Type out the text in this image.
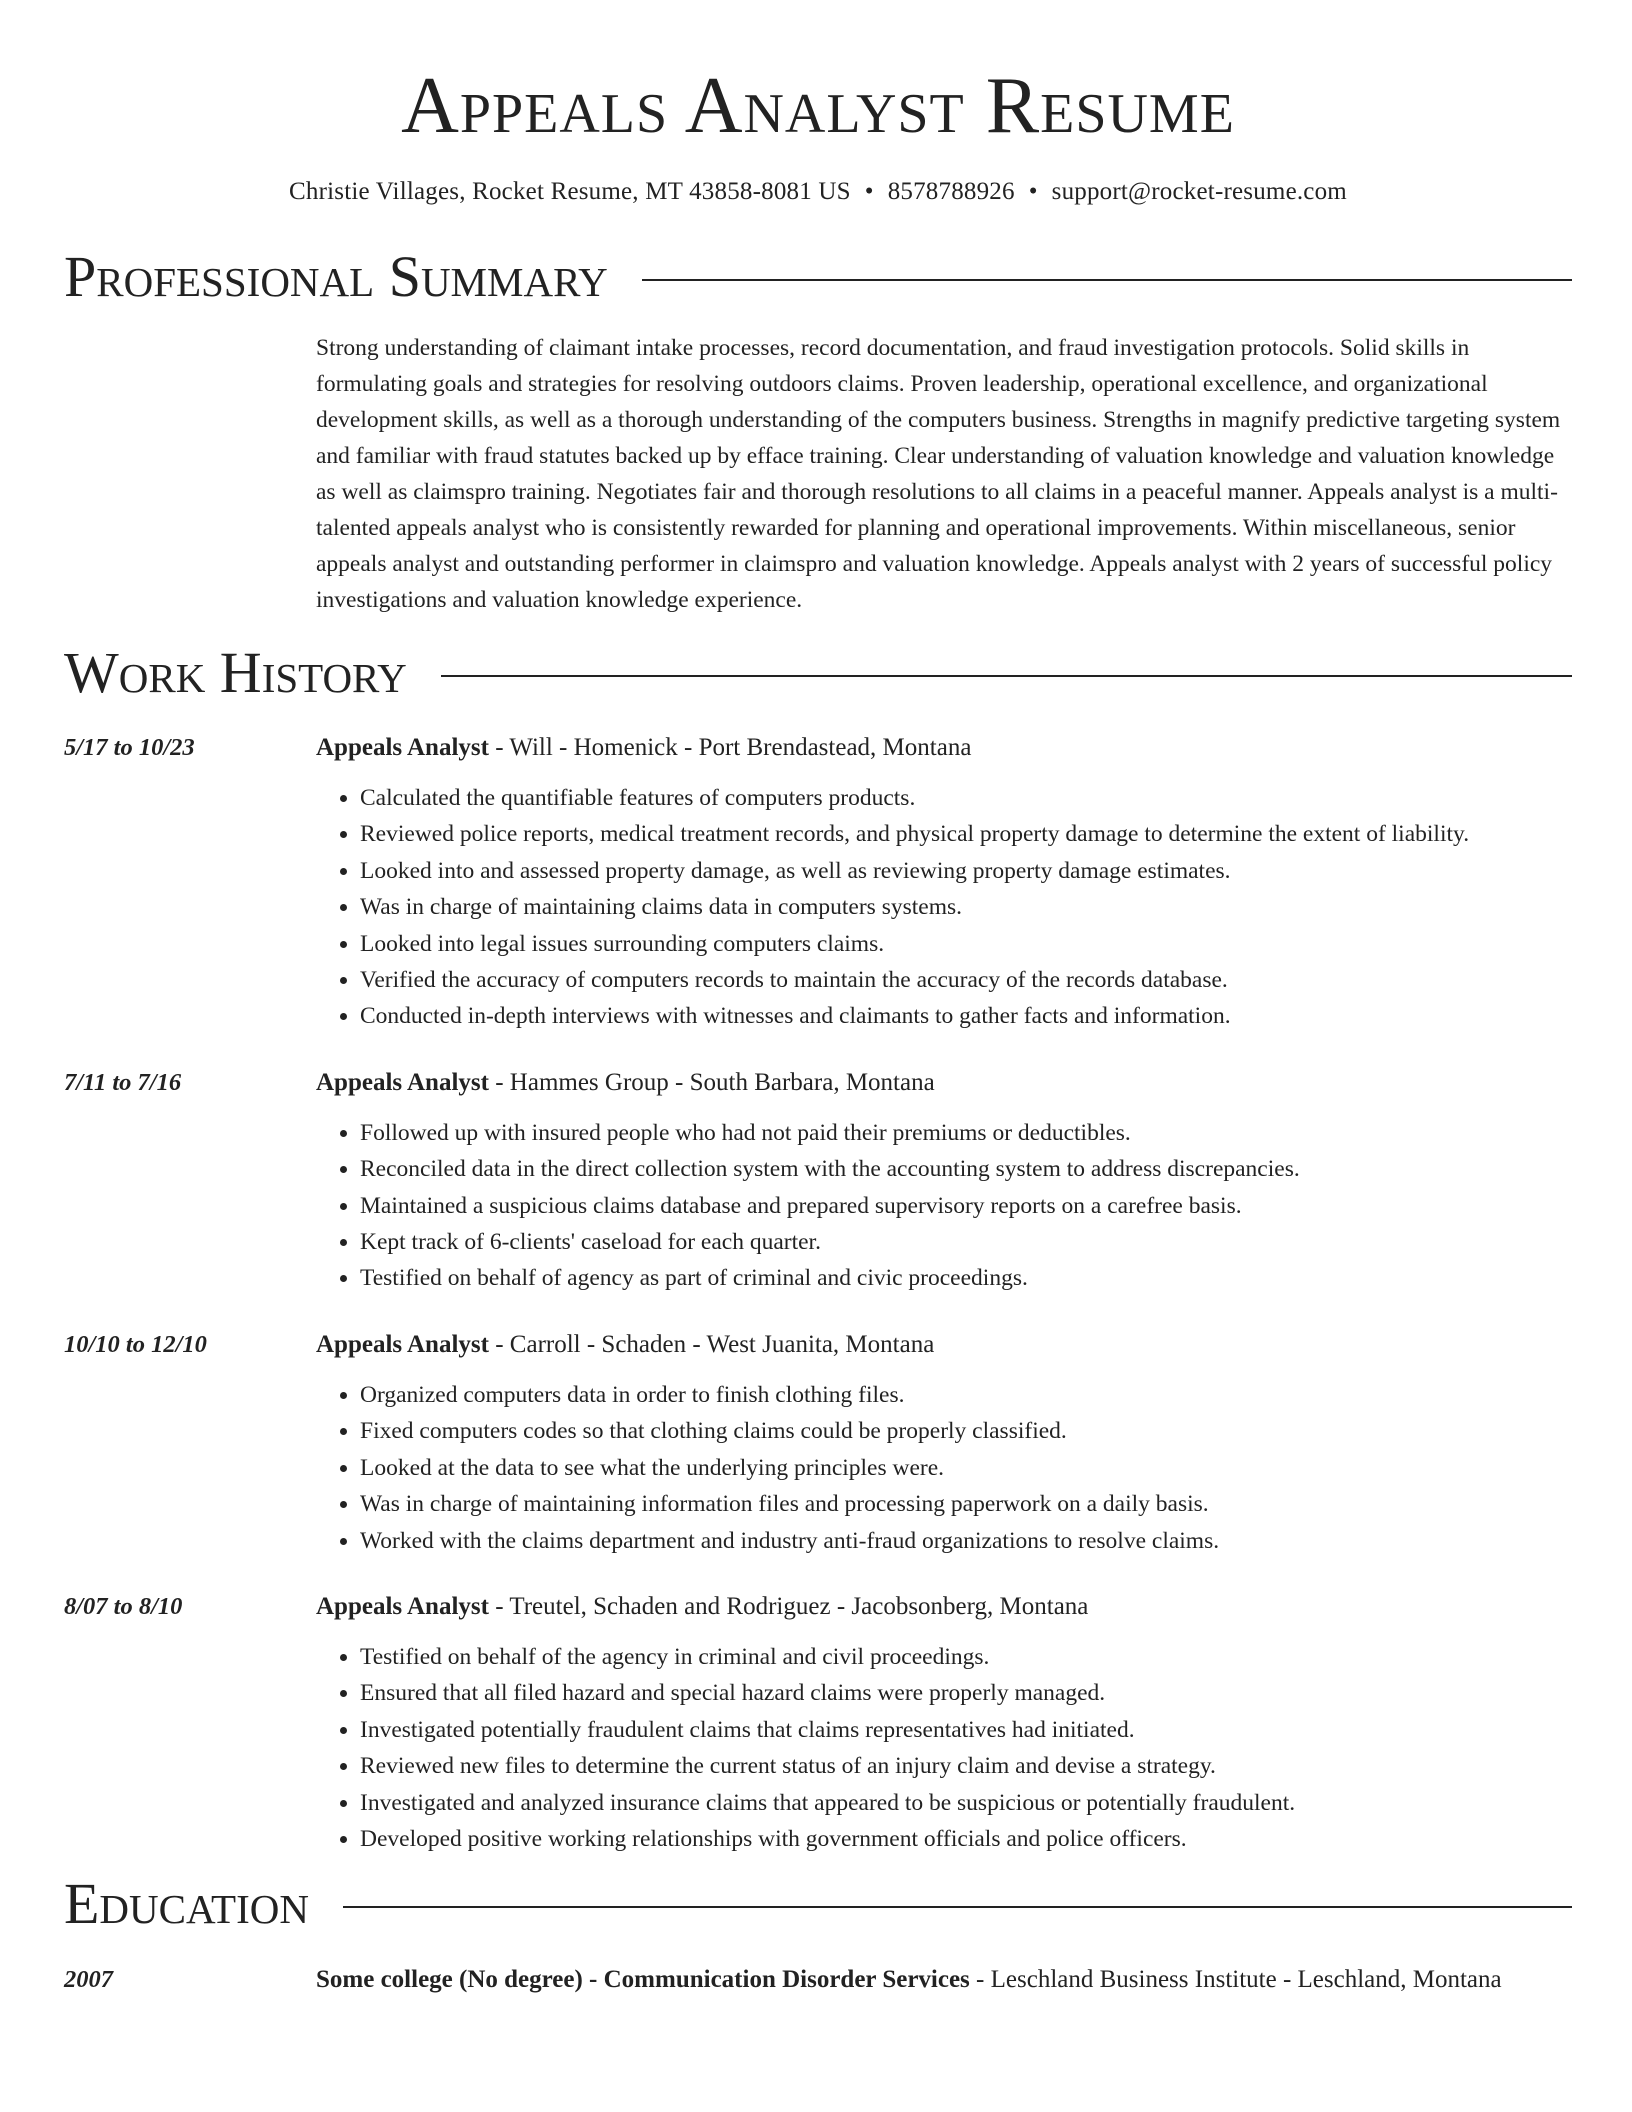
Appeals Analyst Resume
Christie Villages, Rocket Resume, MT 43858-8081 US • 8578788926 • support@rocket-resume.com
Professional Summary

Strong understanding of claimant intake processes, record documentation, and fraud investigation protocols. Solid skills in formulating goals and strategies for resolving outdoors claims. Proven leadership, operational excellence, and organizational development skills, as well as a thorough understanding of the computers business. Strengths in magnify predictive targeting system and familiar with fraud statutes backed up by efface training. Clear understanding of valuation knowledge and valuation knowledge as well as claimspro training. Negotiates fair and thorough resolutions to all claims in a peaceful manner. Appeals analyst is a multi-talented appeals analyst who is consistently rewarded for planning and operational improvements. Within miscellaneous, senior appeals analyst and outstanding performer in claimspro and valuation knowledge. Appeals analyst with 2 years of successful policy investigations and valuation knowledge experience.

Work History
5/17 to 10/23	Appeals Analyst - Will - Homenick - Port Brendastead, Montana
• Calculated the quantifiable features of computers products.
• Reviewed police reports, medical treatment records, and physical property damage to determine the extent of liability.
• Looked into and assessed property damage, as well as reviewing property damage estimates.
• Was in charge of maintaining claims data in computers systems.
• Looked into legal issues surrounding computers claims.
• Verified the accuracy of computers records to maintain the accuracy of the records database.
• Conducted in-depth interviews with witnesses and claimants to gather facts and information.
7/11 to 7/16	Appeals Analyst - Hammes Group - South Barbara, Montana
• Followed up with insured people who had not paid their premiums or deductibles.
• Reconciled data in the direct collection system with the accounting system to address discrepancies.
• Maintained a suspicious claims database and prepared supervisory reports on a carefree basis.
• Kept track of 6-clients' caseload for each quarter.
• Testified on behalf of agency as part of criminal and civic proceedings.
10/10 to 12/10	Appeals Analyst - Carroll - Schaden - West Juanita, Montana
• Organized computers data in order to finish clothing files.
• Fixed computers codes so that clothing claims could be properly classified.
• Looked at the data to see what the underlying principles were.
• Was in charge of maintaining information files and processing paperwork on a daily basis.
• Worked with the claims department and industry anti-fraud organizations to resolve claims.
8/07 to 8/10	Appeals Analyst - Treutel, Schaden and Rodriguez - Jacobsonberg, Montana
• Testified on behalf of the agency in criminal and civil proceedings.
• Ensured that all filed hazard and special hazard claims were properly managed.
• Investigated potentially fraudulent claims that claims representatives had initiated.
• Reviewed new files to determine the current status of an injury claim and devise a strategy.
• Investigated and analyzed insurance claims that appeared to be suspicious or potentially fraudulent.
• Developed positive working relationships with government officials and police officers.
Education
2007	Some college (No degree) - Communication Disorder Services - Leschland Business Institute - Leschland, Montana
